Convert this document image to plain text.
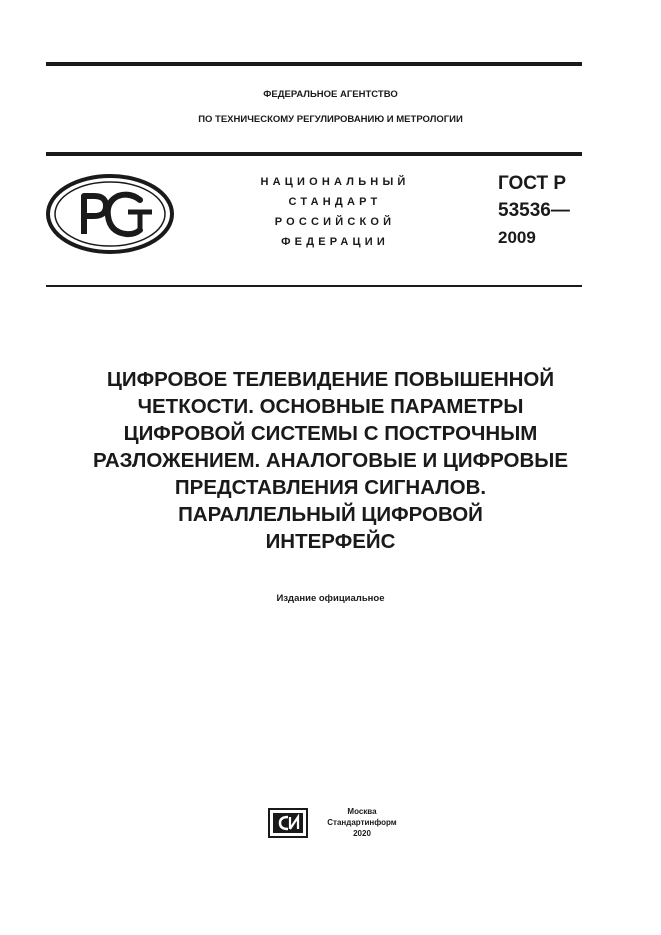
ФЕДЕРАЛЬНОЕ АГЕНТСТВО
ПО ТЕХНИЧЕСКОМУ РЕГУЛИРОВАНИЮ И МЕТРОЛОГИИ
НАЦИОНАЛЬНЫЙ
СТАНДАРТ
РОССИЙСКОЙ
ФЕДЕРАЦИИ
ГОСТ Р
53536—
2009
ЦИФРОВОЕ ТЕЛЕВИДЕНИЕ ПОВЫШЕННОЙ
ЧЕТКОСТИ. ОСНОВНЫЕ ПАРАМЕТРЫ
ЦИФРОВОЙ СИСТЕМЫ С ПОСТРОЧНЫМ
РАЗЛОЖЕНИЕМ. АНАЛОГОВЫЕ И ЦИФРОВЫЕ
ПРЕДСТАВЛЕНИЯ СИГНАЛОВ.
ПАРАЛЛЕЛЬНЫЙ ЦИФРОВОЙ
ИНТЕРФЕЙС
Издание официальное
Москва
Стандартинформ
2020
